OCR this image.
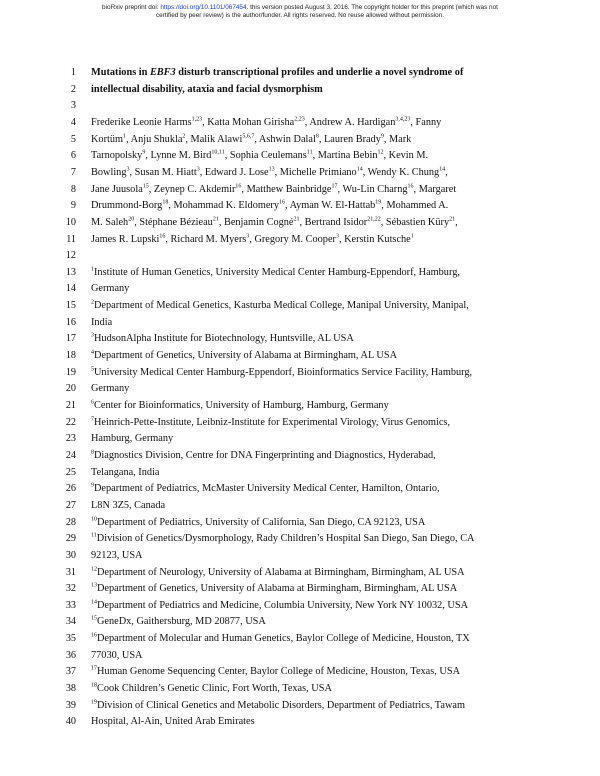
bioRxiv preprint doi: https://doi.org/10.1101/067454. this version posted August 3, 2016. The copyright holder for this preprint (which was not
certified by peer review) is the author/funder. All rights reserved. No reuse allowed without permission.
1 Mutations in EBF3 disturb transcriptional profiles and underlie a novel syndrome of
2 intellectual disability, ataxia and facial dysmorphism
3
4 Frederike Leonie Harms$^{1,23}$, Katta Mohan Girisha$^{2,23}$, Andrew A. Hardigan$^{3,4,23}$, Fanny
5 Kortüm$^1$, Anju Shukla$^2$, Malik Alawi$^{5,6,7}$, Ashwin Dalal$^8$, Lauren Brady$^9$, Mark
6 Tarnopolsky$^9$, Lynne M. Bird$^{10,11}$, Sophia Ceulemans$^{11}$, Martina Bebin$^{12}$, Kevin M.
7 Bowling$^3$, Susan M. Hiatt$^3$, Edward J. Lose$^{13}$, Michelle Primiano$^{14}$, Wendy K. Chung$^{14}$,
8 Jane Juusola$^{15}$, Zeynep C. Akdemir$^{16}$, Matthew Bainbridge$^{17}$, Wu-Lin Charng$^{16}$, Margaret
9 Drummond-Borg$^{18}$, Mohammad K. Eldomery$^{16}$, Ayman W. El-Hattab$^{19}$, Mohammed A.
10 M. Saleh$^{20}$, Stéphane Bézieau$^{21}$, Benjamin Cogné$^{21}$, Bertrand Isidor$^{21,22}$, Sébastien Küry$^{21}$,
11 James R. Lupski$^{16}$, Richard M. Myers$^3$, Gregory M. Cooper$^3$, Kerstin Kutsche$^1$
12
13	$^1$Institute of Human Genetics, University Medical Center Hamburg-Eppendorf, Hamburg,
14 Germany
15	$^2$Department of Medical Genetics, Kasturba Medical College, Manipal University, Manipal,
16 India
17	$^3$HudsonAlpha Institute for Biotechnology, Huntsville, AL USA
18	$^4$Department of Genetics, University of Alabama at Birmingham, AL USA
19	$^5$University Medical Center Hamburg-Eppendorf, Bioinformatics Service Facility, Hamburg,
20 Germany
21	$^6$Center for Bioinformatics, University of Hamburg, Hamburg, Germany
22	$^7$Heinrich-Pette-Institute, Leibniz-Institute for Experimental Virology, Virus Genomics,
23 Hamburg, Germany
24	$^8$Diagnostics Division, Centre for DNA Fingerprinting and Diagnostics, Hyderabad,
25 Telangana, India
26	$^9$Department of Pediatrics, McMaster University Medical Center, Hamilton, Ontario,
27 L8N 3Z5, Canada
28	$^{10}$Department of Pediatrics, University of California, San Diego, CA 92123, USA
29	$^{11}$Division of Genetics/Dysmorphology, Rady Children’s Hospital San Diego, San Diego, CA
30 92123, USA
31	$^{12}$Department of Neurology, University of Alabama at Birmingham, Birmingham, AL USA
32	$^{13}$Department of Genetics, University of Alabama at Birmingham, Birmingham, AL USA
33	$^{14}$Department of Pediatrics and Medicine, Columbia University, New York NY 10032, USA
34	$^{15}$GeneDx, Gaithersburg, MD 20877, USA
35	$^{16}$Department of Molecular and Human Genetics, Baylor College of Medicine, Houston, TX
36 77030, USA
37	$^{17}$Human Genome Sequencing Center, Baylor College of Medicine, Houston, Texas, USA
38	$^{18}$Cook Children’s Genetic Clinic, Fort Worth, Texas, USA
39	$^{19}$Division of Clinical Genetics and Metabolic Disorders, Department of Pediatrics, Tawam
40 Hospital, Al-Ain, United Arab Emirates
